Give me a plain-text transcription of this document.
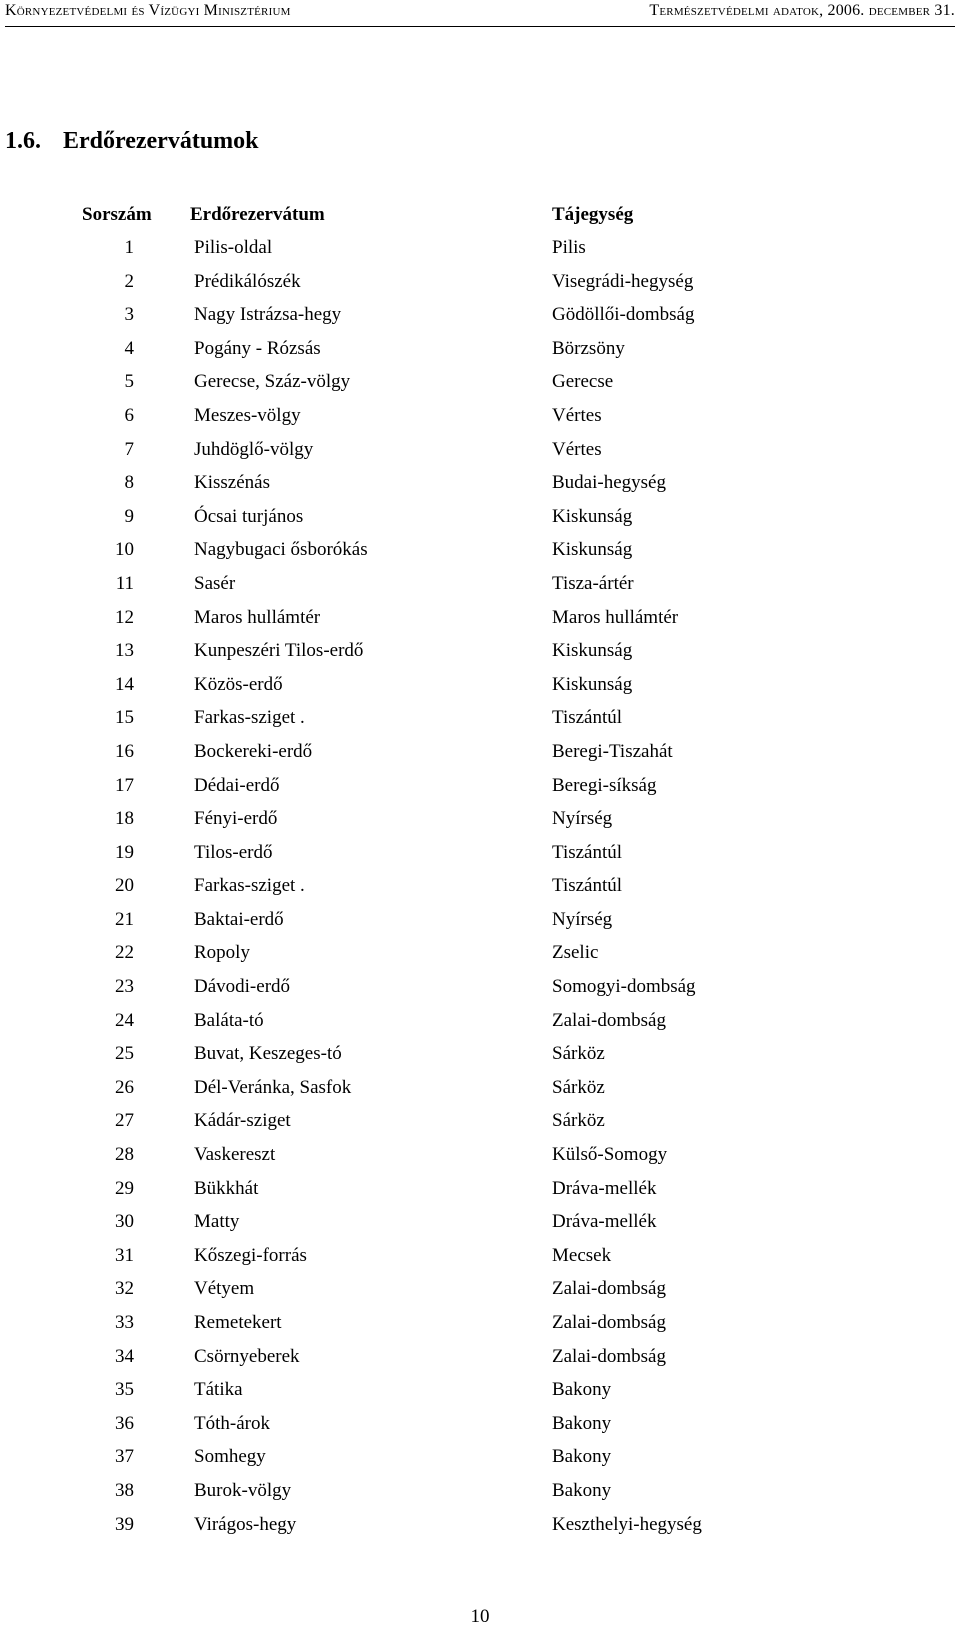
Környezetvédelmi és Vízügyi Minisztérium	Természetvédelmi adatok, 2006. december 31.
1.6. Erdőrezervátumok
Sorszám Erdőrezervátum	Tájegység
1	Pilis-oldal	Pilis
2	Prédikálószék	Visegrádi-hegység
3	Nagy Istrázsa-hegy	Gödöllői-dombság
4	Pogány - Rózsás	Börzsöny
5	Gerecse, Száz-völgy	Gerecse
6	Meszes-völgy	Vértes
7	Juhdöglő-völgy	Vértes
8	Kisszénás	Budai-hegység
9	Ócsai turjános	Kiskunság
10	Nagybugaci ősborókás	Kiskunság
11	Sasér	Tisza-ártér
12	Maros hullámtér	Maros hullámtér
13	Kunpeszéri Tilos-erdő	Kiskunság
14	Közös-erdő	Kiskunság
15	Farkas-sziget .	Tiszántúl
16	Bockereki-erdő	Beregi-Tiszahát
17	Dédai-erdő	Beregi-síkság
18	Fényi-erdő	Nyírség
19	Tilos-erdő	Tiszántúl
20	Farkas-sziget .	Tiszántúl
21	Baktai-erdő	Nyírség
22	Ropoly	Zselic
23	Dávodi-erdő	Somogyi-dombság
24	Baláta-tó	Zalai-dombság
25	Buvat, Keszeges-tó	Sárköz
26	Dél-Veránka, Sasfok	Sárköz
27	Kádár-sziget	Sárköz
28	Vaskereszt	Külső-Somogy
29	Bükkhát	Dráva-mellék
30	Matty	Dráva-mellék
31	Kőszegi-forrás	Mecsek
32	Vétyem	Zalai-dombság
33	Remetekert	Zalai-dombság
34	Csörnyeberek	Zalai-dombság
35	Tátika	Bakony
36	Tóth-árok	Bakony
37	Somhegy	Bakony
38	Burok-völgy	Bakony
39	Virágos-hegy	Keszthelyi-hegység
10
